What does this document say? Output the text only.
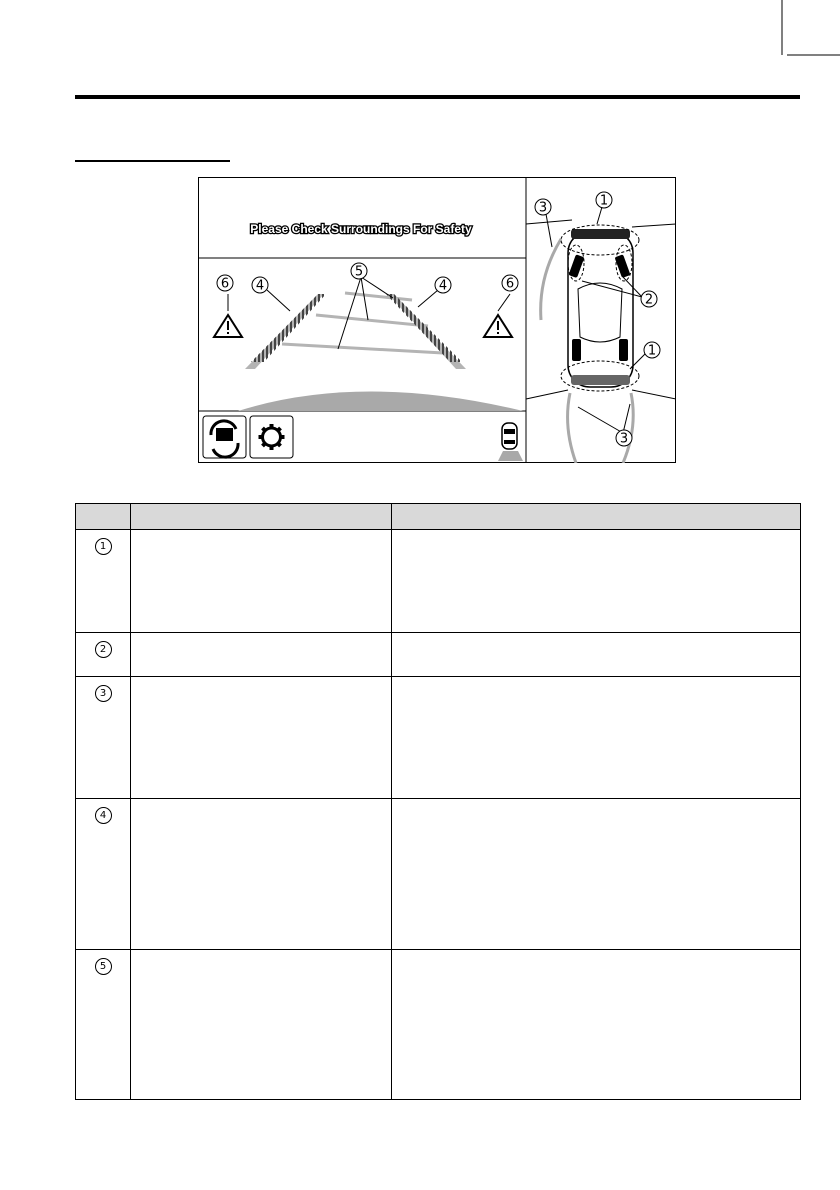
Please Check Surroundings For Safety
6 4
5
4	6
3	1
2
1
3

1		
2		
3		
4		
5		
